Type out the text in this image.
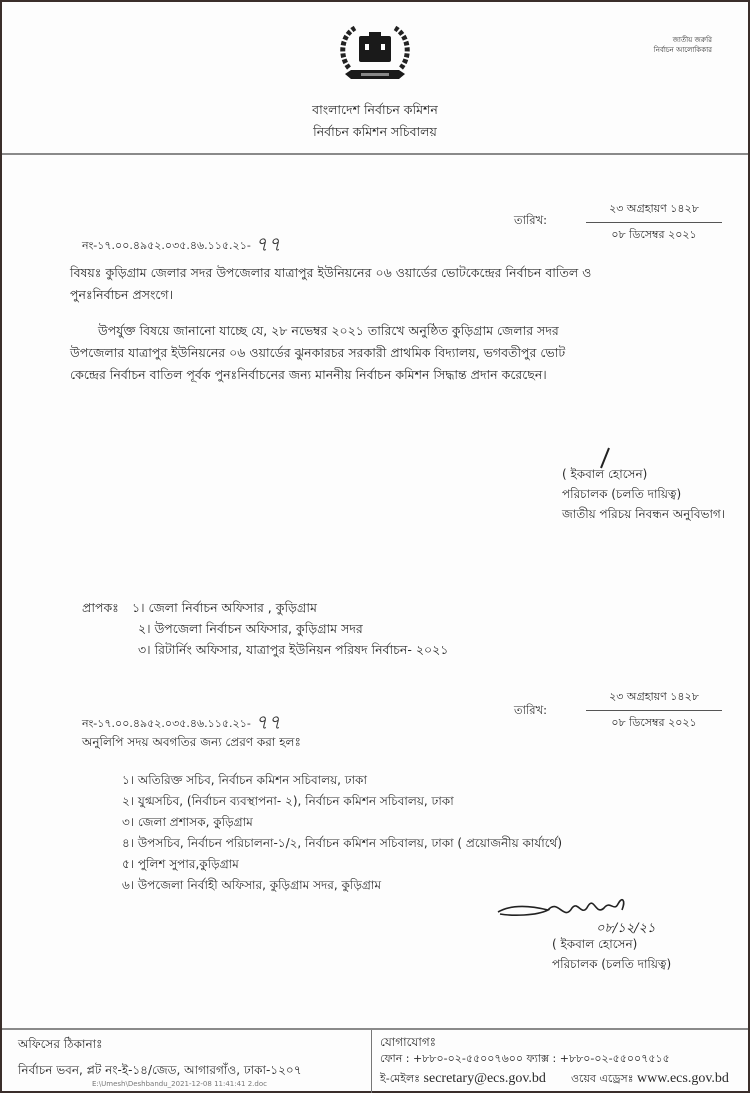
বাংলাদেশ নির্বাচন কমিশন
নির্বাচন কমিশন সচিবালয়
জাতীয় জরুরি
নির্বাচন আলোকিকার
নং-১৭.০০.৪৯৫২.০৩৫.৪৬.১১৫.২১- ৭৭
তারিখ:
২৩ অগ্রহায়ণ ১৪২৮
০৮ ডিসেম্বর ২০২১
বিষয়ঃ কুড়িগ্রাম জেলার সদর উপজেলার যাত্রাপুর ইউনিয়নের ০৬ ওয়ার্ডের ভোটকেন্দ্রের নির্বাচন বাতিল ও
পুনঃনির্বাচন প্রসংগে।
উপর্যুক্ত বিষয়ে জানানো যাচ্ছে যে, ২৮ নভেম্বর ২০২১ তারিখে অনুষ্ঠিত কুড়িগ্রাম জেলার সদর
উপজেলার যাত্রাপুর ইউনিয়নের ০৬ ওয়ার্ডের ঝুনকারচর সরকারী প্রাথমিক বিদ্যালয়, ভগবতীপুর ভোট
কেন্দ্রের নির্বাচন বাতিল পূর্বক পুনঃনির্বাচনের জন্য মাননীয় নির্বাচন কমিশন সিদ্ধান্ত প্রদান করেছেন।
( ইকবাল হোসেন)
পরিচালক (চলতি দায়িত্ব)
জাতীয় পরিচয় নিবন্ধন অনুবিভাগ।
প্রাপকঃ ১। জেলা নির্বাচন অফিসার , কুড়িগ্রাম
২। উপজেলা নির্বাচন অফিসার, কুড়িগ্রাম সদর
৩। রিটার্নিং অফিসার, যাত্রাপুর ইউনিয়ন পরিষদ নির্বাচন- ২০২১
নং-১৭.০০.৪৯৫২.০৩৫.৪৬.১১৫.২১- ৭৭	তারিখ:
২৩ অগ্রহায়ণ ১৪২৮
০৮ ডিসেম্বর ২০২১
অনুলিপি সদয় অবগতির জন্য প্রেরণ করা হলঃ
১। অতিরিক্ত সচিব, নির্বাচন কমিশন সচিবালয়, ঢাকা
২। যুগ্মসচিব, (নির্বাচন ব্যবস্থাপনা- ২), নির্বাচন কমিশন সচিবালয়, ঢাকা
৩। জেলা প্রশাসক, কুড়িগ্রাম
৪। উপসচিব, নির্বাচন পরিচালনা-১/২, নির্বাচন কমিশন সচিবালয়, ঢাকা ( প্রয়োজনীয় কার্যার্থে)
৫। পুলিশ সুপার,কুড়িগ্রাম
৬। উপজেলা নির্বাহী অফিসার, কুড়িগ্রাম সদর, কুড়িগ্রাম
০৮/১২/২১
( ইকবাল হোসেন)
পরিচালক (চলতি দায়িত্ব)
অফিসের ঠিকানাঃ
নির্বাচন ভবন, প্লট নং-ই-১৪/জেড, আগারগাঁও, ঢাকা-১২০৭
E:\Umesh\Deshbandu_2021-12-08 11:41:41 2.doc
যোগাযোগঃ
ফোন : +৮৮০-০২-৫৫০০৭৬০০ ফ্যাক্স : +৮৮০-০২-৫৫০০৭৫১৫
ই-মেইলঃ secretary@ecs.gov.bd ওয়েব এড্রেসঃ www.ecs.gov.bd
